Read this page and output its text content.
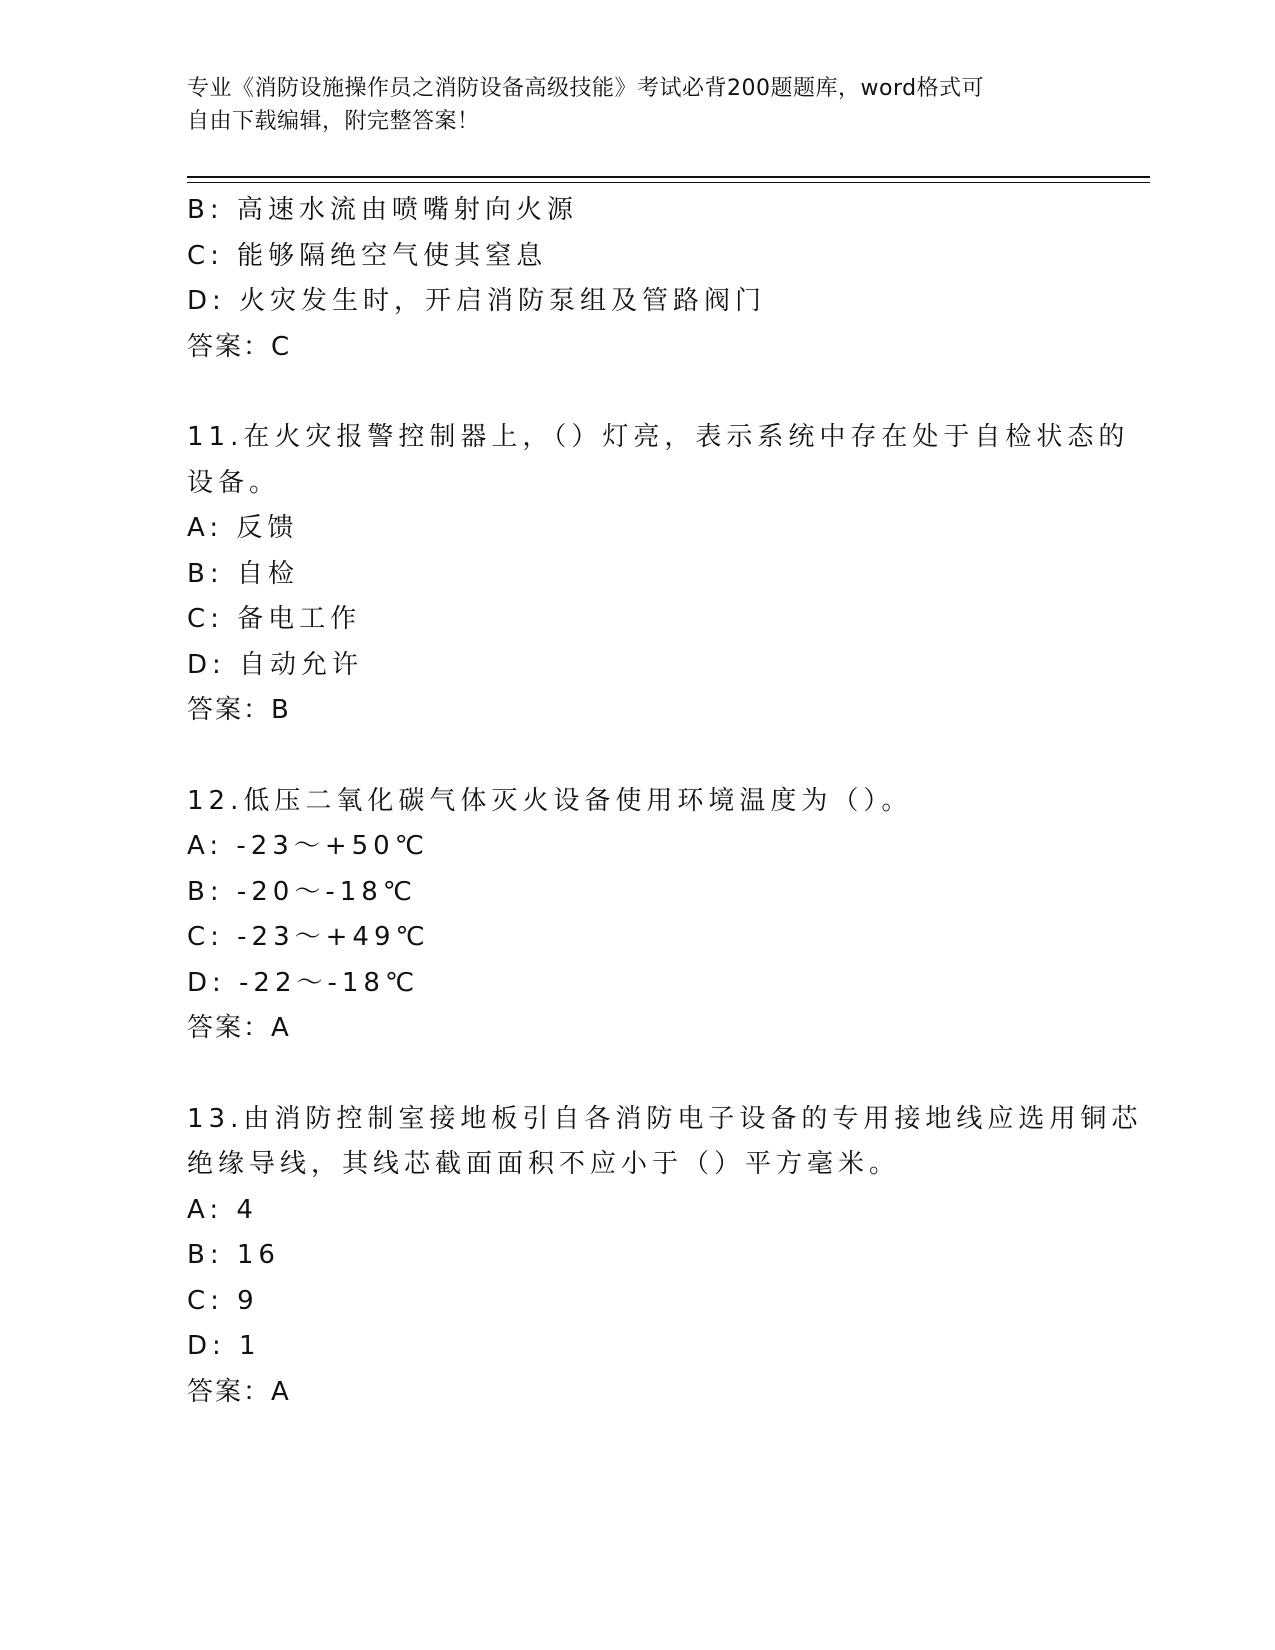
专业《消防设施操作员之消防设备高级技能》考试必背200题题库，word格式可
自由下载编辑，附完整答案！
B: 高速水流由喷嘴射向火源
C: 能够隔绝空气使其窒息
D: 火灾发生时，开启消防泵组及管路阀门
答案：C
11.在火灾报警控制器上，（）灯亮，表示系统中存在处于自检状态的
设备。
A: 反馈
B: 自检
C: 备电工作
D: 自动允许
答案：B
12.低压二氧化碳气体灭火设备使用环境温度为（）。
A: -23～+50℃
B: -20～-18℃
C: -23～+49℃
D: -22～-18℃
答案：A
13.由消防控制室接地板引自各消防电子设备的专用接地线应选用铜芯
绝缘导线，其线芯截面面积不应小于（）平方毫米。
A: 4
B: 16
C: 9
D: 1
答案：A
